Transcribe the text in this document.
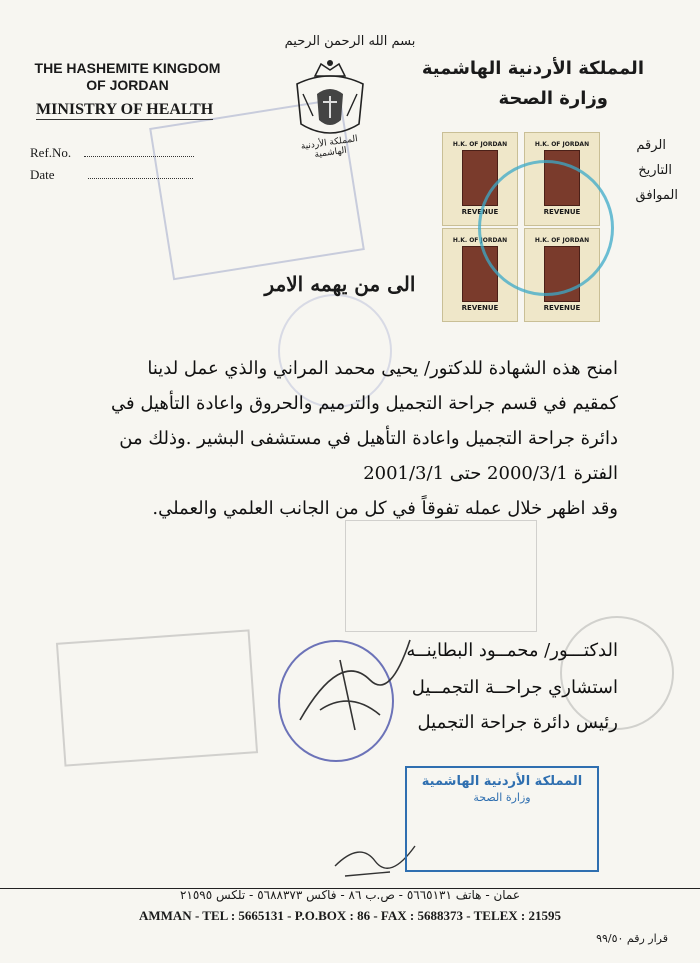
بسم الله الرحمن الرحيم
THE HASHEMITE KINGDOM
OF JORDAN
MINISTRY OF HEALTH
Ref.No.
Date
المملكة الأردنية الهاشمية
المملكة الأردنية الهاشمية
وزارة الصحة
الرقم
التاريخ
الموافق
H.K. OF JORDAN
REVENUE
H.K. OF JORDAN
REVENUE
H.K. OF JORDAN
REVENUE
H.K. OF JORDAN
REVENUE
الى من يهمه الامر
امنح هذه الشهادة للدكتور/ يحيى محمد المراني والذي عمل لدينا
كمقيم في قسم جراحة التجميل والترميم والحروق واعادة التأهيل في
دائرة جراحة التجميل واعادة التأهيل في مستشفى البشير .وذلك من
الفترة 2000/3/1 حتى 2001/3/1
وقد اظهر خلال عمله تفوقاً في كل من الجانب العلمي والعملي.
الدكتـــور/ محمــود البطاينــه
استشاري جراحــة التجمــيل
رئيس دائرة جراحة التجميل
المملكة الأردنية الهاشمية
وزارة الصحة
عمان - هاتف ٥٦٦٥١٣١ - ص.ب ٨٦ - فاكس ٥٦٨٨٣٧٣ - تلكس ٢١٥٩٥
AMMAN - TEL : 5665131 - P.O.BOX : 86 - FAX : 5688373 - TELEX : 21595
قرار رقم ٩٩/٥٠
